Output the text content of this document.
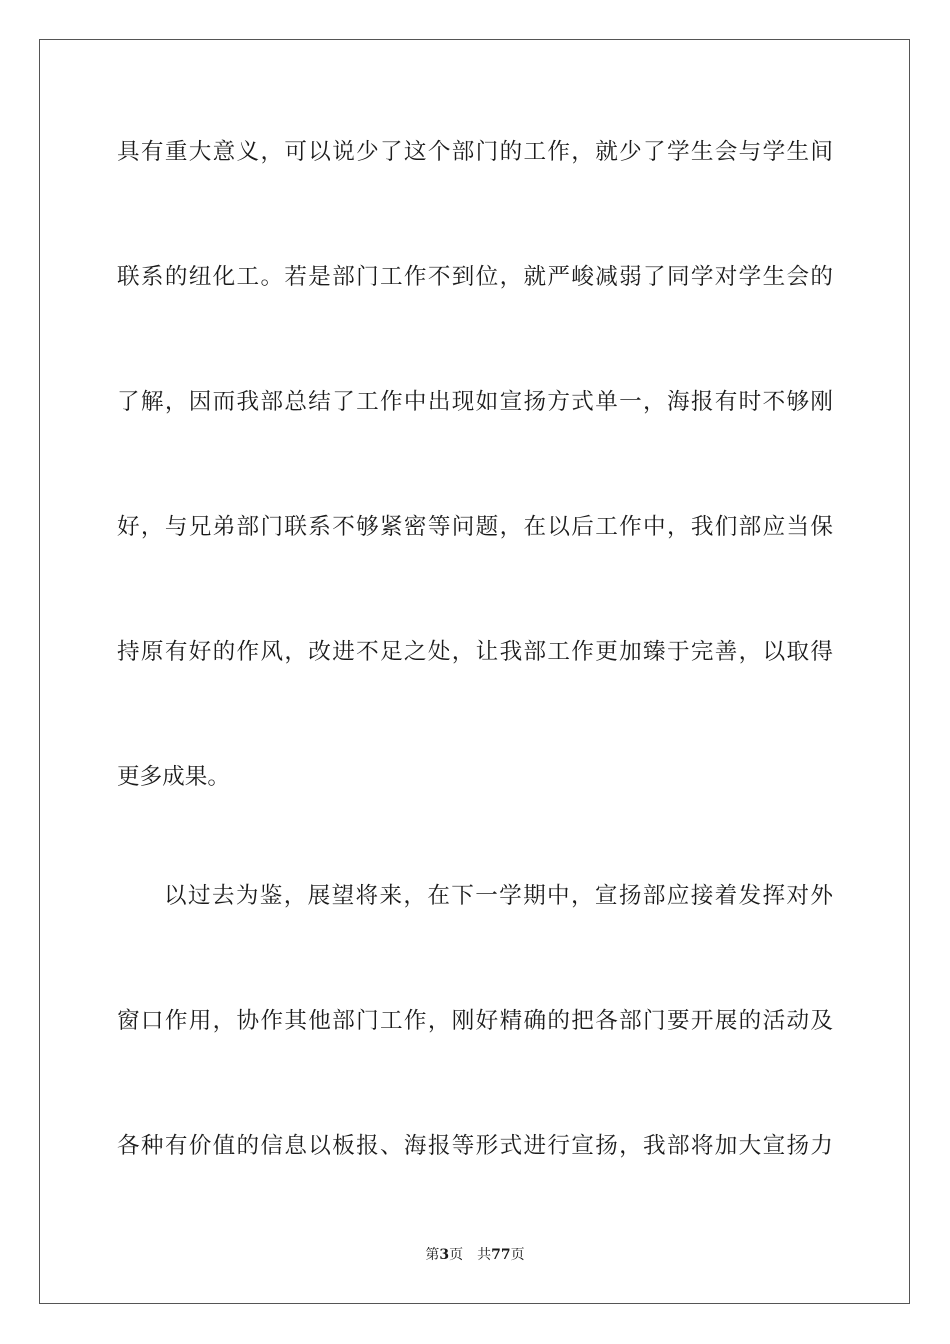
具有重大意义，可以说少了这个部门的工作，就少了学生会与学生间
联系的纽化工。若是部门工作不到位，就严峻减弱了同学对学生会的
了解，因而我部总结了工作中出现如宣扬方式单一，海报有时不够刚
好，与兄弟部门联系不够紧密等问题，在以后工作中，我们部应当保
持原有好的作风，改进不足之处，让我部工作更加臻于完善，以取得
更多成果。
以过去为鉴，展望将来，在下一学期中，宣扬部应接着发挥对外
窗口作用，协作其他部门工作，刚好精确的把各部门要开展的活动及
各种有价值的信息以板报、海报等形式进行宣扬，我部将加大宣扬力
第3页 共77页
